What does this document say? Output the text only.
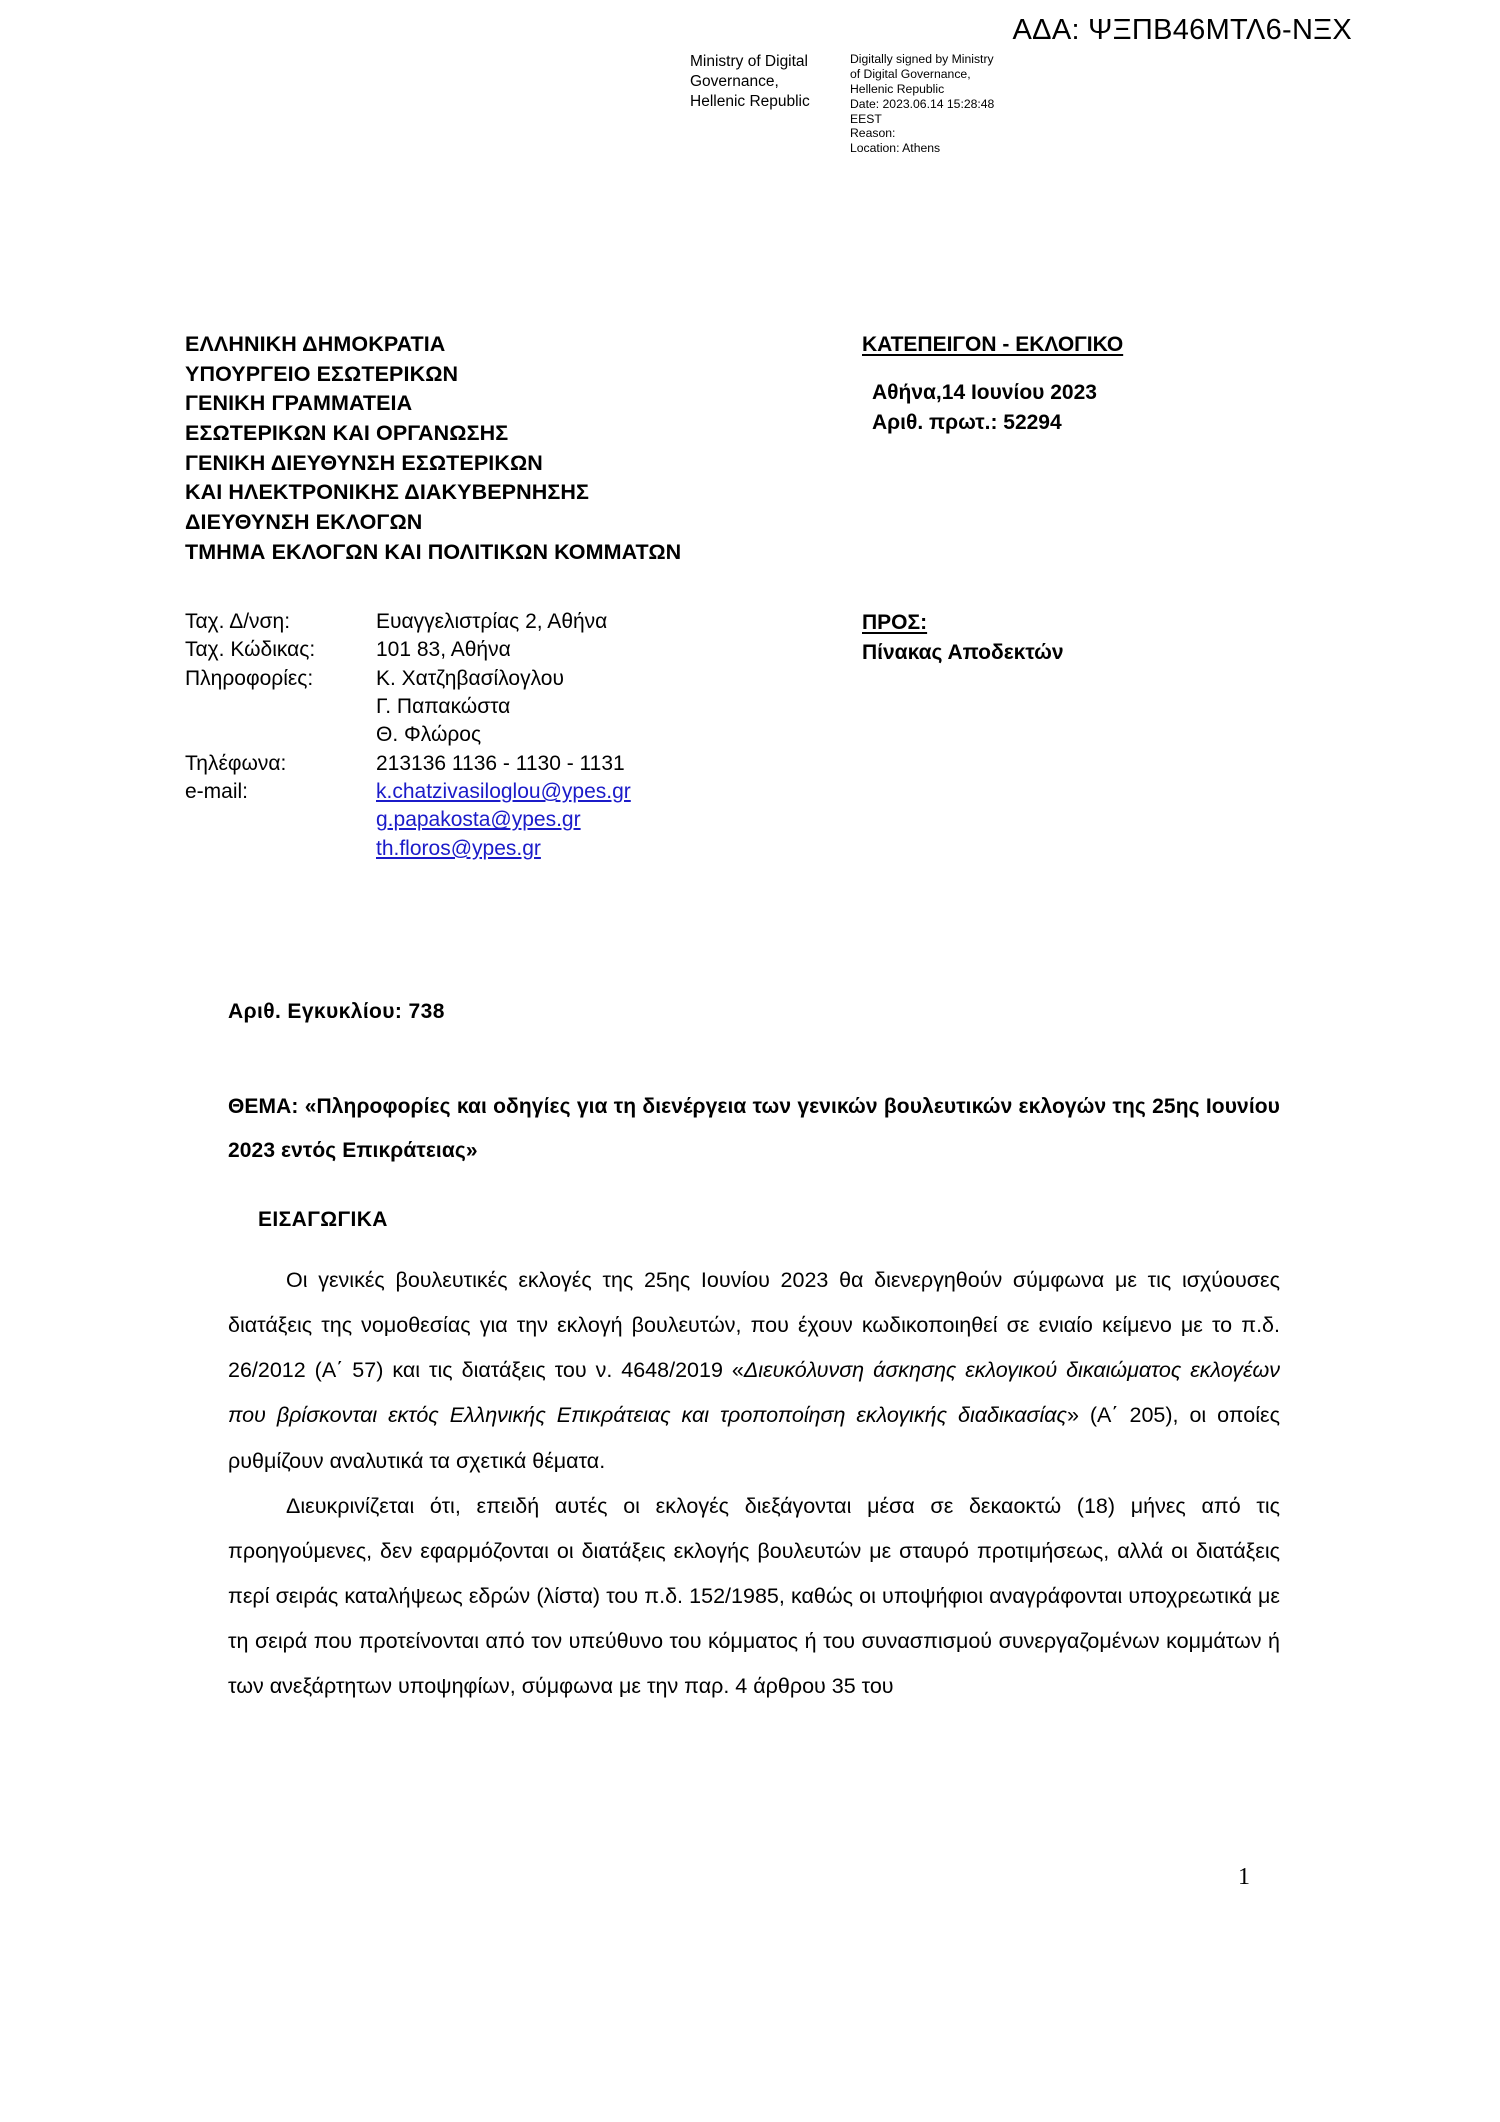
ΑΔΑ: ΨΞΠΒ46ΜΤΛ6-ΝΞΧ
Ministry of Digital
Governance,
Hellenic Republic
Digitally signed by Ministry
of Digital Governance,
Hellenic Republic
Date: 2023.06.14 15:28:48
EEST
Reason:
Location: Athens
ΕΛΛΗΝΙΚΗ ΔΗΜΟΚΡΑΤΙΑ
ΥΠΟΥΡΓΕΙΟ ΕΣΩΤΕΡΙΚΩΝ
ΓΕΝΙΚΗ ΓΡΑΜΜΑΤΕΙΑ
ΕΣΩΤΕΡΙΚΩΝ ΚΑΙ ΟΡΓΑΝΩΣΗΣ
ΓΕΝΙΚΗ ΔΙΕΥΘΥΝΣΗ ΕΣΩΤΕΡΙΚΩΝ
ΚΑΙ ΗΛΕΚΤΡΟΝΙΚΗΣ ΔΙΑΚΥΒΕΡΝΗΣΗΣ
ΔΙΕΥΘΥΝΣΗ ΕΚΛΟΓΩΝ
ΤΜΗΜΑ ΕΚΛΟΓΩΝ ΚΑΙ ΠΟΛΙΤΙΚΩΝ ΚΟΜΜΑΤΩΝ
ΚΑΤΕΠΕΙΓΟΝ - ΕΚΛΟΓΙΚΟ
Αθήνα,14 Ιουνίου 2023
Αριθ. πρωτ.: 52294
Ταχ. Δ/νση:	Ευαγγελιστρίας 2, Αθήνα
Ταχ. Κώδικας:	101 83, Αθήνα
Πληροφορίες:	Κ. Χατζηβασίλογλου
	Γ. Παπακώστα
	Θ. Φλώρος
Τηλέφωνα:	213136 1136 - 1130 - 1131
e-mail:	k.chatzivasiloglou@ypes.gr
	g.papakosta@ypes.gr
	th.floros@ypes.gr
ΠΡΟΣ:
Πίνακας Αποδεκτών
Αριθ. Εγκυκλίου: 738
ΘΕΜΑ: «Πληροφορίες και οδηγίες για τη διενέργεια των γενικών βουλευτικών εκλογών της 25ης Ιουνίου 2023 εντός Επικράτειας»
ΕΙΣΑΓΩΓΙΚΑ

Οι γενικές βουλευτικές εκλογές της 25ης Ιουνίου 2023 θα διενεργηθούν σύμφωνα με τις ισχύουσες διατάξεις της νομοθεσίας για την εκλογή βουλευτών, που έχουν κωδικοποιηθεί σε ενιαίο κείμενο με το π.δ. 26/2012 (Α΄ 57) και τις διατάξεις του ν. 4648/2019 «Διευκόλυνση άσκησης εκλογικού δικαιώματος εκλογέων που βρίσκονται εκτός Ελληνικής Επικράτειας και τροποποίηση εκλογικής διαδικασίας» (Α΄ 205), οι οποίες ρυθμίζουν αναλυτικά τα σχετικά θέματα.

Διευκρινίζεται ότι, επειδή αυτές οι εκλογές διεξάγονται μέσα σε δεκαοκτώ (18) μήνες από τις προηγούμενες, δεν εφαρμόζονται οι διατάξεις εκλογής βουλευτών με σταυρό προτιμήσεως, αλλά οι διατάξεις περί σειράς καταλήψεως εδρών (λίστα) του π.δ. 152/1985, καθώς οι υποψήφιοι αναγράφονται υποχρεωτικά με τη σειρά που προτείνονται από τον υπεύθυνο του κόμματος ή του συνασπισμού συνεργαζομένων κομμάτων ή των ανεξάρτητων υποψηφίων, σύμφωνα με την παρ. 4 άρθρου 35 του

1
